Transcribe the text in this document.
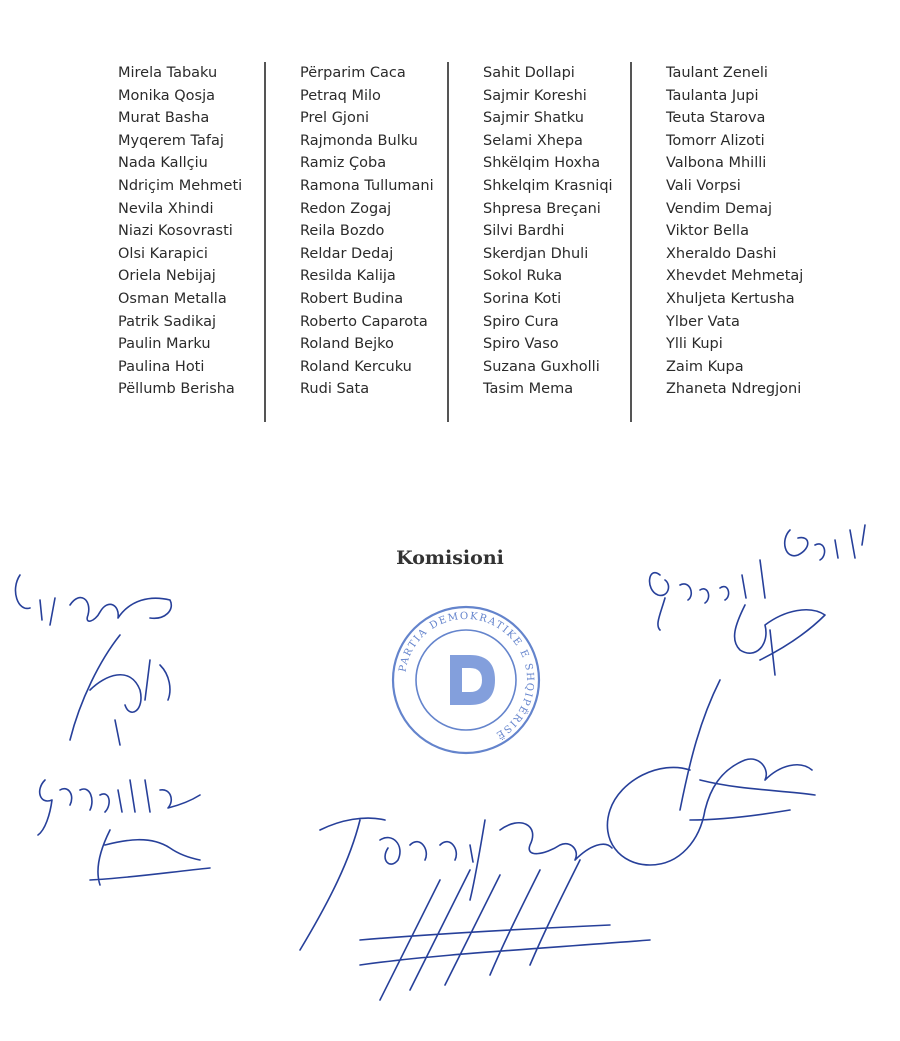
Mirela Tabaku
Monika Qosja
Murat Basha
Myqerem Tafaj
Nada Kallçiu
Ndriçim Mehmeti
Nevila Xhindi
Niazi Kosovrasti
Olsi Karapici
Oriela Nebijaj
Osman Metalla
Patrik Sadikaj
Paulin Marku
Paulina Hoti
Pëllumb Berisha
Përparim Caca
Petraq Milo
Prel Gjoni
Rajmonda Bulku
Ramiz Çoba
Ramona Tullumani
Redon Zogaj
Reila Bozdo
Reldar Dedaj
Resilda Kalija
Robert Budina
Roberto Caparota
Roland Bejko
Roland Kercuku
Rudi Sata
Sahit Dollapi
Sajmir Koreshi
Sajmir Shatku
Selami Xhepa
Shkëlqim Hoxha
Shkelqim Krasniqi
Shpresa Breçani
Silvi Bardhi
Skerdjan Dhuli
Sokol Ruka
Sorina Koti
Spiro Cura
Spiro Vaso
Suzana Guxholli
Tasim Mema
Taulant Zeneli
Taulanta Jupi
Teuta Starova
Tomorr Alizoti
Valbona Mhilli
Vali Vorpsi
Vendim Demaj
Viktor Bella
Xheraldo Dashi
Xhevdet Mehmetaj
Xhuljeta Kertusha
Ylber Vata
Ylli Kupi
Zaim Kupa
Zhaneta Ndregjoni
Komisioni
PARTIA DEMOKRATIKE E SHQIPËRISË
